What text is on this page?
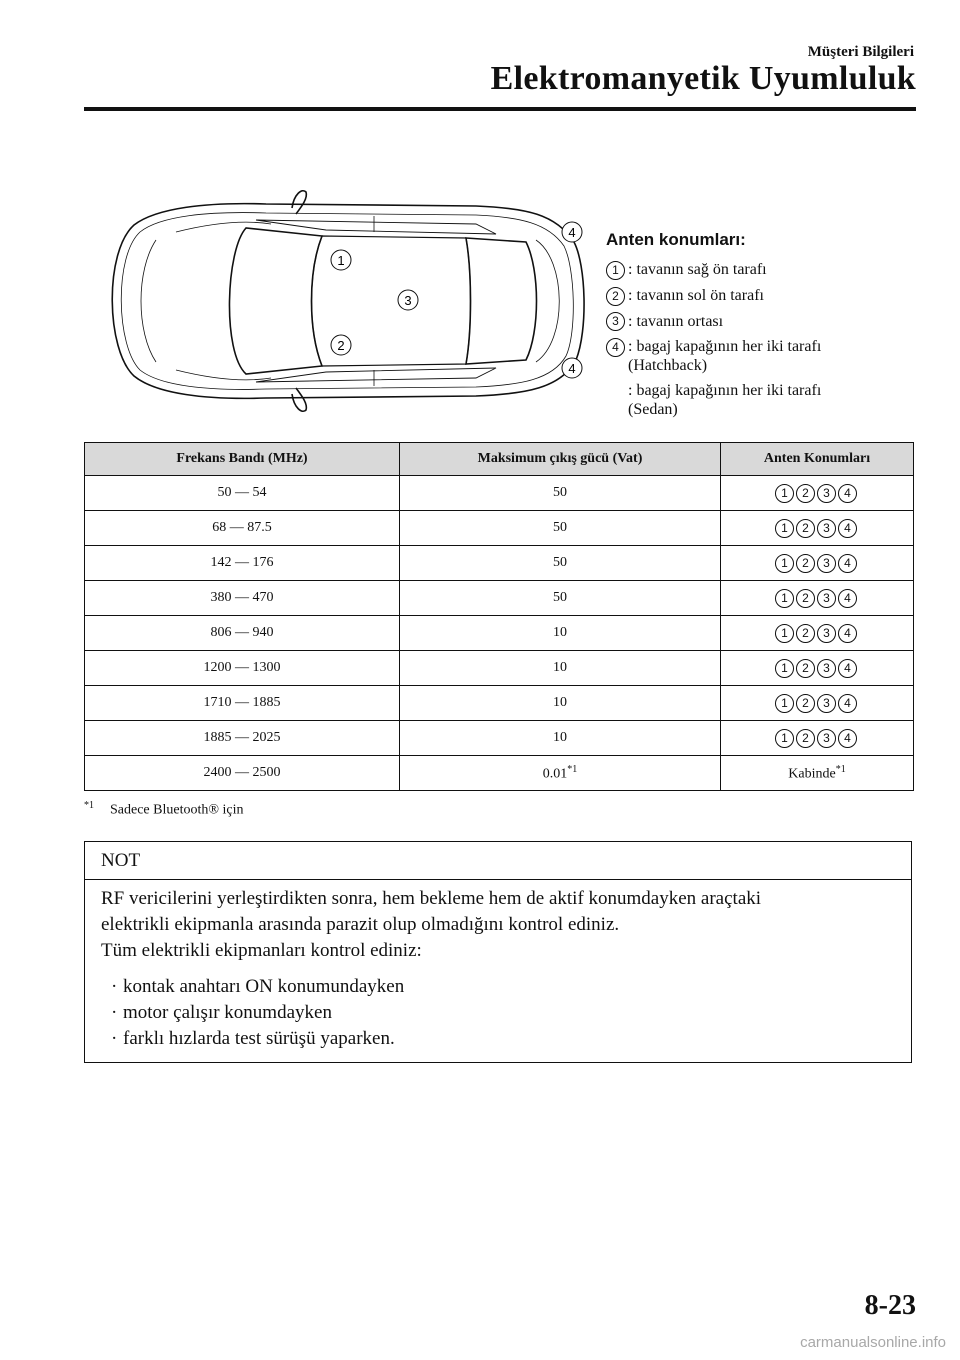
Müşteri Bilgileri
Elektromanyetik Uyumluluk
1
2
3
4
4
Anten konumları:
1 : tavanın sağ ön tarafı
2 : tavanın sol ön tarafı
3 : tavanın ortası
4 : bagaj kapağının her iki tarafı
(Hatchback)
: bagaj kapağının her iki tarafı
(Sedan)
Frekans Bandı (MHz)	Maksimum çıkış gücü (Vat)	Anten Konumları
50 — 54	50	1 2 3 4
68 — 87.5	50	1 2 3 4
142 — 176	50	1 2 3 4
380 — 470	50	1 2 3 4
806 — 940	10	1 2 3 4
1200 — 1300	10	1 2 3 4
1710 — 1885	10	1 2 3 4
1885 — 2025	10	1 2 3 4
2400 — 2500	0.01$^{*1}$	Kabinde$^{*1}$
$^{*1}$ Sadece Bluetooth® için
NOT

RF vericilerini yerleştirdikten sonra, hem bekleme hem de aktif konumdayken araçtaki

elektrikli ekipmanla arasında parazit olup olmadığını kontrol ediniz.

Tüm elektrikli ekipmanları kontrol ediniz:

· kontak anahtarı ON konumundayken
· motor çalışır konumdayken
· farklı hızlarda test sürüşü yaparken.
8-23
carmanualsonline.info
